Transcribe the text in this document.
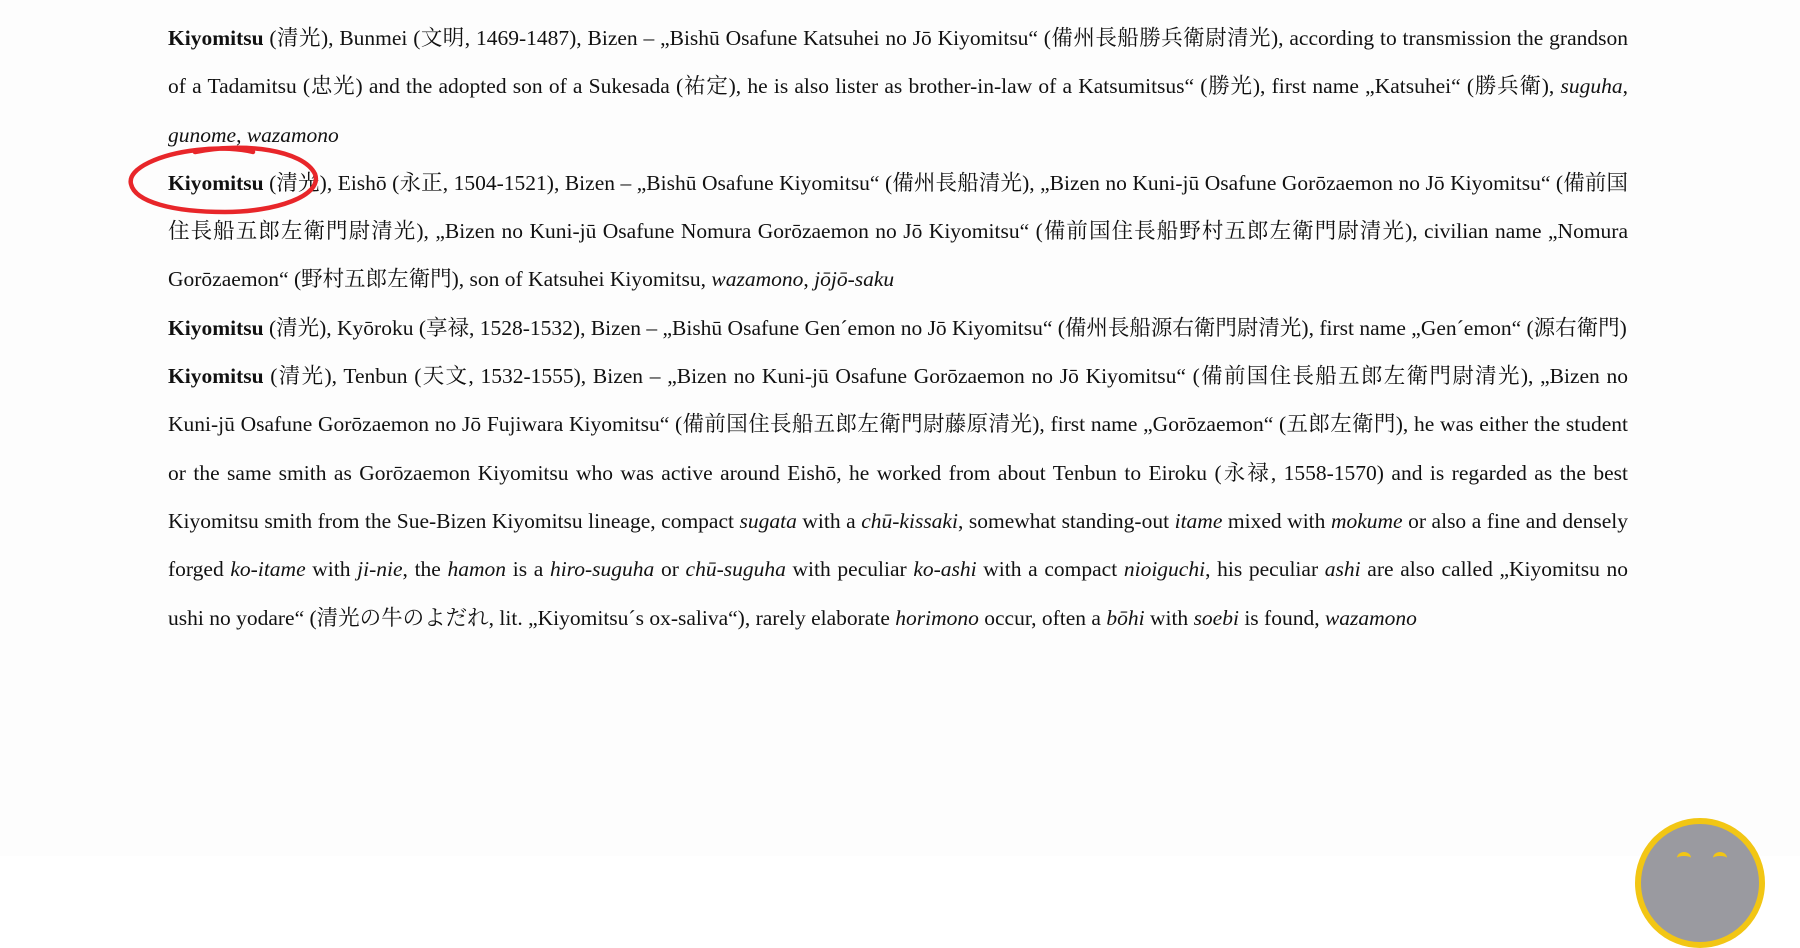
Kiyomitsu (清光), Bunmei (文明, 1469-1487), Bizen – „Bishū Osafune Katsuhei no Jō Kiyomitsu“ (備州長船勝兵衛尉清光), according to transmission the grandson of a Tadamitsu (忠光) and the adopted son of a Sukesada (祐定), he is also lister as brother-in-law of a Katsumitsus“ (勝光), first name „Katsuhei“ (勝兵衛), suguha, gunome, wazamono

Kiyomitsu (清光), Eishō (永正, 1504-1521), Bizen – „Bishū Osafune Kiyomitsu“ (備州長船清光), „Bizen no Kuni-jū Osafune Gorōzaemon no Jō Kiyomitsu“ (備前国住長船五郎左衛門尉清光), „Bizen no Kuni-jū Osafune Nomura Gorōzaemon no Jō Kiyomitsu“ (備前国住長船野村五郎左衛門尉清光), civilian name „Nomura Gorōzaemon“ (野村五郎左衛門), son of Katsuhei Kiyomitsu, wazamono, jōjō-saku

Kiyomitsu (清光), Kyōroku (享禄, 1528-1532), Bizen – „Bishū Osafune Gen´emon no Jō Kiyomitsu“ (備州長船源右衛門尉清光), first name „Gen´emon“ (源右衛門)

Kiyomitsu (清光), Tenbun (天文, 1532-1555), Bizen – „Bizen no Kuni-jū Osafune Gorōzaemon no Jō Kiyomitsu“ (備前国住長船五郎左衛門尉清光), „Bizen no Kuni-jū Osafune Gorōzaemon no Jō Fujiwara Kiyomitsu“ (備前国住長船五郎左衛門尉藤原清光), first name „Gorōzaemon“ (五郎左衛門), he was either the student or the same smith as Gorōzaemon Kiyomitsu who was active around Eishō, he worked from about Tenbun to Eiroku (永禄, 1558-1570) and is regarded as the best Kiyomitsu smith from the Sue-Bizen Kiyomitsu lineage, compact sugata with a chū-kissaki, somewhat standing-out itame mixed with mokume or also a fine and densely forged ko-itame with ji-nie, the hamon is a hiro-suguha or chū-suguha with peculiar ko-ashi with a compact nioiguchi, his peculiar ashi are also called „Kiyomitsu no ushi no yodare“ (清光の牛のよだれ, lit. „Kiyomitsu´s ox-saliva“), rarely elaborate horimono occur, often a bōhi with soebi is found, wazamono
